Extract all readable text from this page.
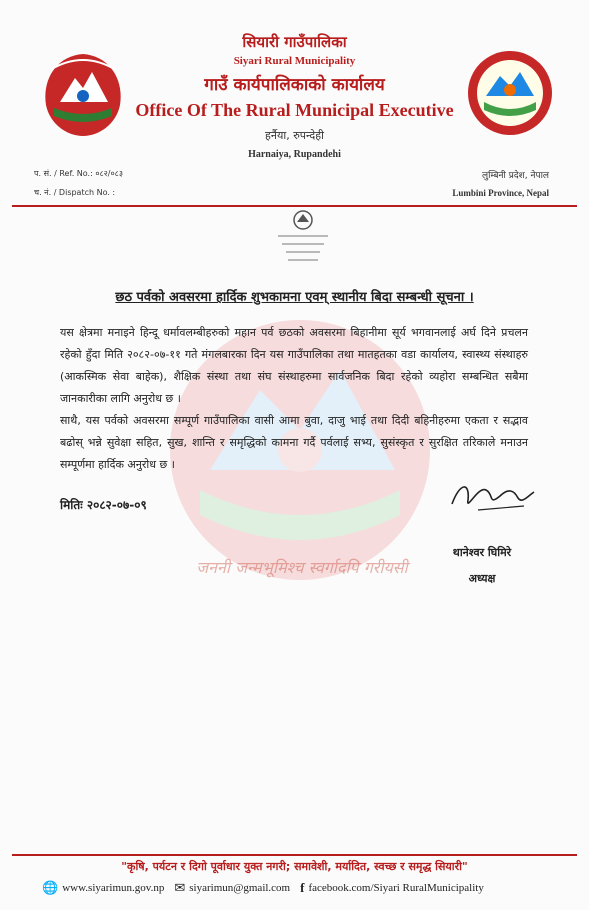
सियारी गाउँपालिका
Siyari Rural Municipality
गाउँ कार्यपालिकाको कार्यालय
Office Of The Rural Municipal Executive
हर्नैया, रुपन्देही
Harnaiya, Rupandehi
प. सं. / Ref. No.: ०८२/०८३
च. नं. / Dispatch No. :
लुम्बिनी प्रदेश, नेपाल
Lumbini Province, Nepal
जननी जन्मभूमिश्च स्वर्गादपि गरीयसी
छठ पर्वको अवसरमा हार्दिक शुभकामना एवम् स्थानीय बिदा सम्बन्धी सूचना ।

यस क्षेत्रमा मनाइने हिन्दू धर्मावलम्बीहरुको महान पर्व छठको अवसरमा बिहानीमा सूर्य भगवानलाई अर्घ दिने प्रचलन रहेको हुँदा मिति २०८२-०७-११ गते मंगलबारका दिन यस गाउँपालिका तथा मातहतका वडा कार्यालय, स्वास्थ्य संस्थाहरु (आकस्मिक सेवा बाहेक), शैक्षिक संस्था तथा संघ संस्थाहरुमा सार्वजनिक बिदा रहेको व्यहोरा सम्बन्धित सबैमा जानकारीका लागि अनुरोध छ ।

साथै, यस पर्वको अवसरमा सम्पूर्ण गाउँपालिका वासी आमा बुवा, दाजु भाई तथा दिदी बहिनीहरुमा एकता र सद्भाव बढोस् भन्ने सुवेक्षा सहित, सुख, शान्ति र समृद्धिको कामना गर्दै पर्वलाई सभ्य, सुसंस्कृत र सुरक्षित तरिकाले मनाउन सम्पूर्णमा हार्दिक अनुरोध छ ।

मितिः २०८२-०७-०९
थानेश्वर घिमिरे
अध्यक्ष
"कृषि, पर्यटन र दिगो पूर्वाधार युक्त नगरी; समावेशी, मर्यादित, स्वच्छ र समृद्ध सियारी"
🌐 www.siyarimun.gov.np ✉ siyarimun@gmail.com f facebook.com/Siyari RuralMunicipality
